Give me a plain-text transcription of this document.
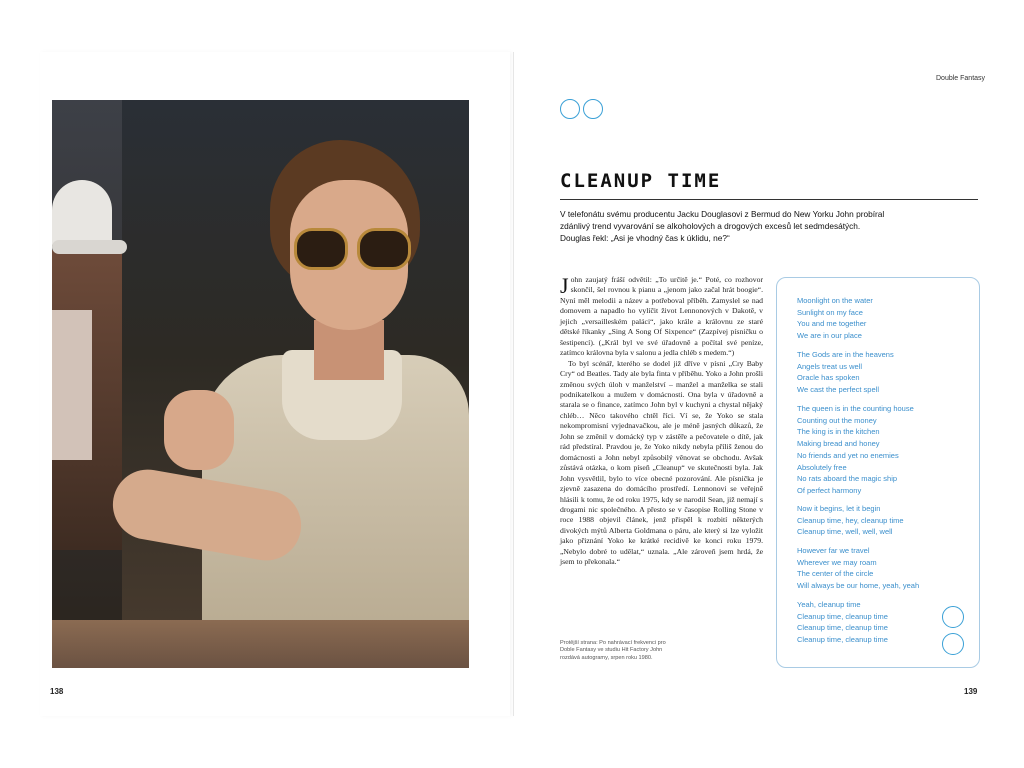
138	139
Double Fantasy
CLEANUP TIME

V telefonátu svému producentu Jacku Douglasovi z Bermud do New Yorku John probíral zdánlivý trend vyvarování se alkoholových a drogových excesů let sedmdesátých. Douglas řekl: „Asi je vhodný čas k úklidu, ne?“

John zaujatý fráší odvětil: „To určitě je.“ Poté, co rozhovor skončil, šel rovnou k pianu a „jenom jako začal hrát boogie“. Nyní měl melodii a název a potřeboval příběh. Zamyslel se nad domovem a napadlo ho vylíčit život Lennonových v Dakotě, v jejich „versailleském paláci“, jako krále a královnu ze staré dětské říkanky „Sing A Song Of Sixpence“ (Zazpívej písničku o šestipencí). („Král byl ve své úřadovně a počítal své peníze, zatímco královna byla v salonu a jedla chléb s medem.“)

To byl scénář, kterého se dodel již dříve v písni „Cry Baby Cry“ od Beatles. Tady ale byla finta v příběhu. Yoko a John prošli změnou svých úloh v manželství – manžel a manželka se stali podnikatelkou a mužem v domácnosti. Ona byla v úřadovně a starala se o finance, zatímco John byl v kuchyni a chystal nějaký chléb… Něco takového chtěl říci. Ví se, že Yoko se stala nekompromisní vyjednavačkou, ale je méně jasných důkazů, že John se změnil v domácký typ v zástěře a pečovatele o dítě, jak rád předstíral. Pravdou je, že Yoko nikdy nebyla příliš ženou do domácnosti a John nebyl způsobilý věnovat se obchodu. Avšak zůstává otázka, o kom píseň „Cleanup“ ve skutečnosti byla. Jak John vysvětlil, bylo to více obecné pozorování. Ale písnička je zjevně zasazena do domácího prostředí. Lennonovi se veřejně hlásili k tomu, že od roku 1975, kdy se narodil Sean, již nemají s drogami nic společného. A přesto se v časopise Rolling Stone v roce 1988 objevil článek, jenž přispěl k rozbití některých divokých mýtů Alberta Goldmana o páru, ale který si lze vyložit jako přiznání Yoko ke krátké recidivě ke konci roku 1979. „Nebylo dobré to udělat,“ uznala. „Ale zároveň jsem hrdá, že jsem to překonala.“

Protější strana: Po nahrávací frekvenci pro Doble Fantasy ve studiu Hit Factory John rozdává autogramy, srpen roku 1980.

Moonlight on the water
Sunlight on my face
You and me together
We are in our place

The Gods are in the heavens
Angels treat us well
Oracle has spoken
We cast the perfect spell

The queen is in the counting house
Counting out the money
The king is in the kitchen
Making bread and honey
No friends and yet no enemies
Absolutely free
No rats aboard the magic ship
Of perfect harmony

Now it begins, let it begin
Cleanup time, hey, cleanup time
Cleanup time, well, well, well

However far we travel
Wherever we may roam
The center of the circle
Will always be our home, yeah, yeah

Yeah, cleanup time
Cleanup time, cleanup time
Cleanup time, cleanup time
Cleanup time, cleanup time
